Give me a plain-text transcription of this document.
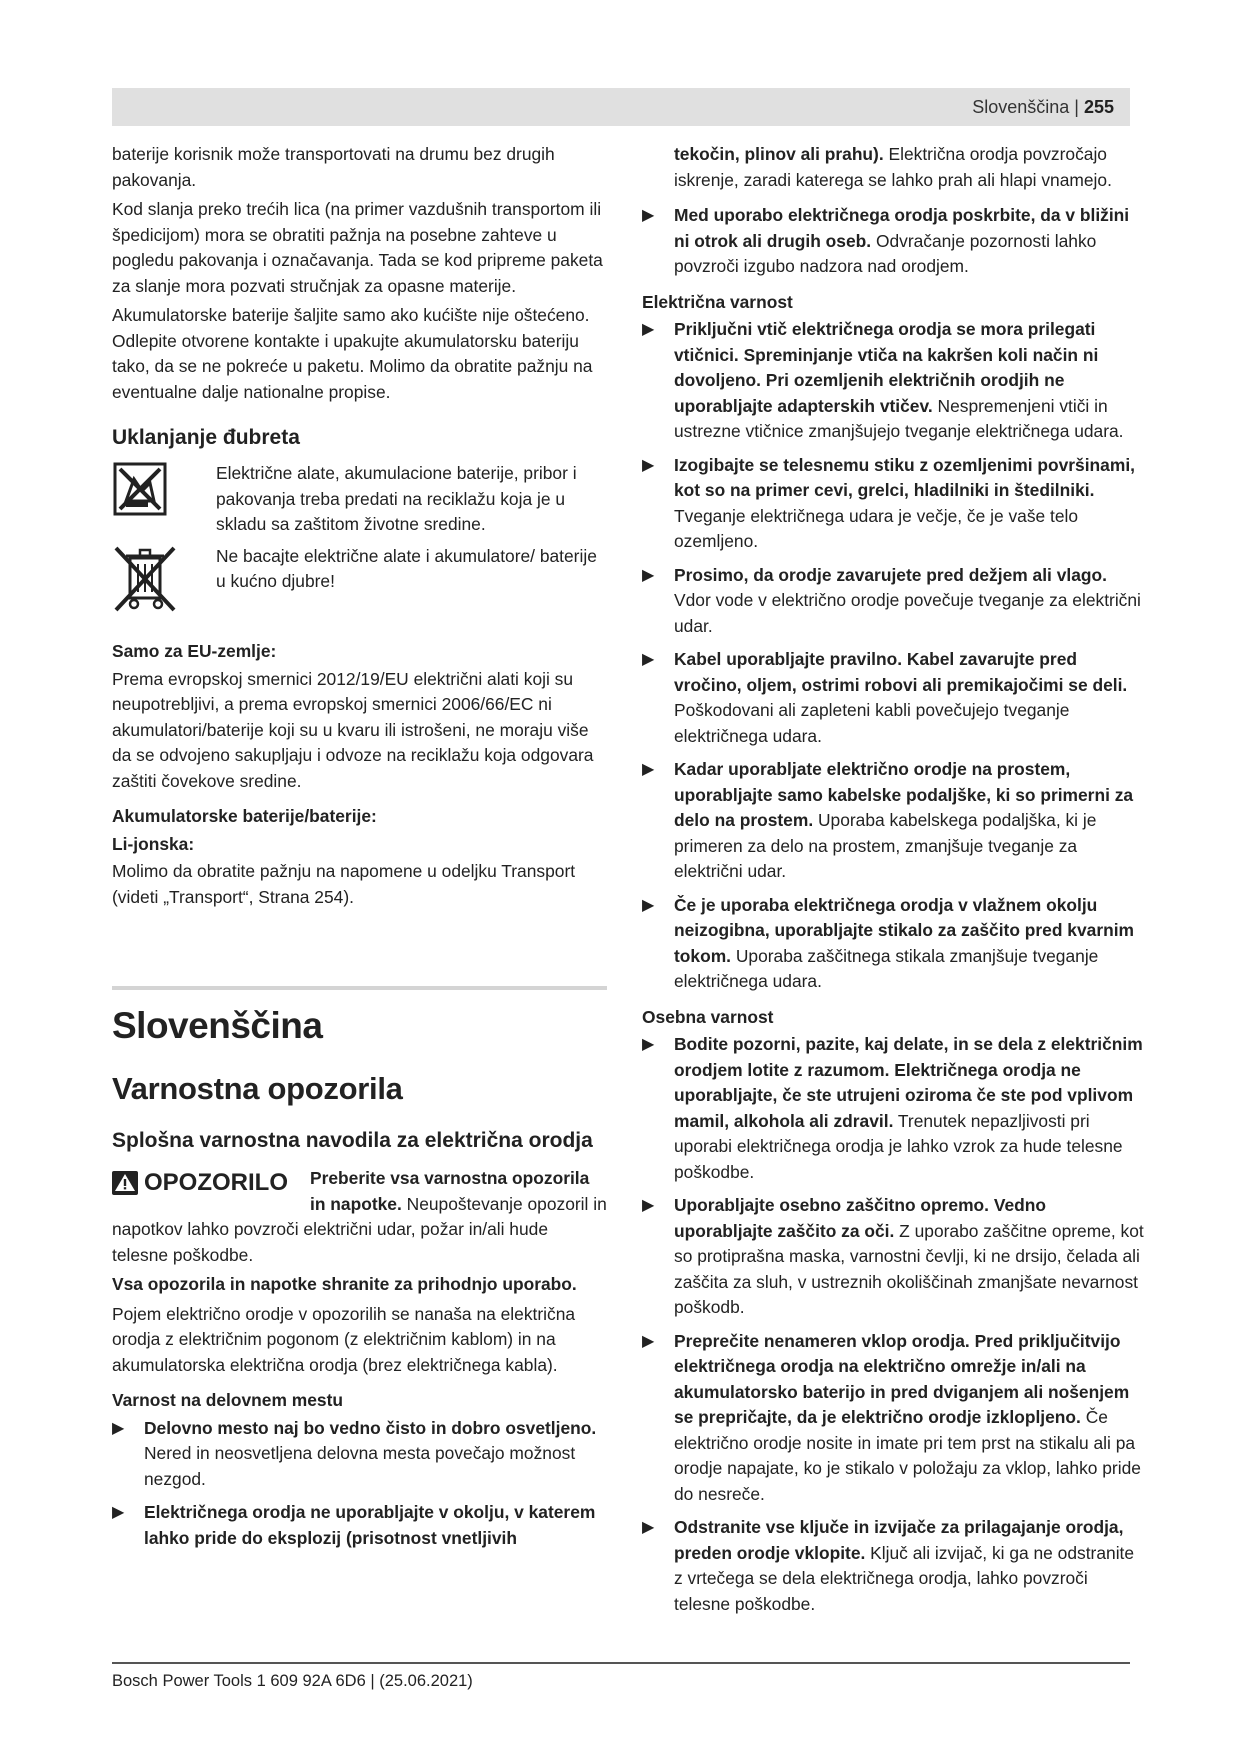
Slovenščina | 255

baterije korisnik može transportovati na drumu bez drugih pakovanja.

Kod slanja preko trećih lica (na primer vazdušnih transportom ili špedicijom) mora se obratiti pažnja na posebne zahteve u pogledu pakovanja i označavanja. Tada se kod pripreme paketa za slanje mora pozvati stručnjak za opasne materije.

Akumulatorske baterije šaljite samo ako kućište nije oštećeno. Odlepite otvorene kontakte i upakujte akumulatorsku bateriju tako, da se ne pokreće u paketu. Molimo da obratite pažnju na eventualne dalje nationalne propise.

Uklanjanje đubreta
Električne alate, akumulacione baterije, pribor i pakovanja treba predati na reciklažu koja je u skladu sa zaštitom životne sredine.
Ne bacajte električne alate i akumulatore/ baterije u kućno djubre!
Samo za EU-zemlje:

Prema evropskoj smernici 2012/19/EU električni alati koji su neupotrebljivi, a prema evropskoj smernici 2006/66/EC ni akumulatori/baterije koji su u kvaru ili istrošeni, ne moraju više da se odvojeno sakupljaju i odvoze na reciklažu koja odgovara zaštiti čovekove sredine.

Akumulatorske baterije/baterije:
Li-jonska:

Molimo da obratite pažnju na napomene u odeljku Transport (videti „Transport“, Strana 254).

Slovenščina
Varnostna opozorila
Splošna varnostna navodila za električna orodja
OPOZORILO	Preberite vsa varnostna opozorila in napotke. Neupoštevanje opozoril in napotkov lahko povzroči električni udar, požar in/ali hude telesne poškodbe.

Vsa opozorila in napotke shranite za prihodnjo uporabo.

Pojem električno orodje v opozorilih se nanaša na električna orodja z električnim pogonom (z električnim kablom) in na akumulatorska električna orodja (brez električnega kabla).

Varnost na delovnem mestu
▶ Delovno mesto naj bo vedno čisto in dobro osvetljeno. Nered in neosvetljena delovna mesta povečajo možnost nezgod.
▶ Električnega orodja ne uporabljajte v okolju, v katerem lahko pride do eksplozij (prisotnost vnetljivih
tekočin, plinov ali prahu). Električna orodja povzročajo iskrenje, zaradi katerega se lahko prah ali hlapi vnamejo.
▶ Med uporabo električnega orodja poskrbite, da v bližini ni otrok ali drugih oseb. Odvračanje pozornosti lahko povzroči izgubo nadzora nad orodjem.
Električna varnost
▶ Priključni vtič električnega orodja se mora prilegati vtičnici. Spreminjanje vtiča na kakršen koli način ni dovoljeno. Pri ozemljenih električnih orodjih ne uporabljajte adapterskih vtičev. Nespremenjeni vtiči in ustrezne vtičnice zmanjšujejo tveganje električnega udara.
▶ Izogibajte se telesnemu stiku z ozemljenimi površinami, kot so na primer cevi, grelci, hladilniki in štedilniki. Tveganje električnega udara je večje, če je vaše telo ozemljeno.
▶ Prosimo, da orodje zavarujete pred dežjem ali vlago. Vdor vode v električno orodje povečuje tveganje za električni udar.
▶ Kabel uporabljajte pravilno. Kabel zavarujte pred vročino, oljem, ostrimi robovi ali premikajočimi se deli. Poškodovani ali zapleteni kabli povečujejo tveganje električnega udara.
▶ Kadar uporabljate električno orodje na prostem, uporabljajte samo kabelske podaljške, ki so primerni za delo na prostem. Uporaba kabelskega podaljška, ki je primeren za delo na prostem, zmanjšuje tveganje za električni udar.
▶ Če je uporaba električnega orodja v vlažnem okolju neizogibna, uporabljajte stikalo za zaščito pred kvarnim tokom. Uporaba zaščitnega stikala zmanjšuje tveganje električnega udara.
Osebna varnost
▶ Bodite pozorni, pazite, kaj delate, in se dela z električnim orodjem lotite z razumom. Električnega orodja ne uporabljajte, če ste utrujeni oziroma če ste pod vplivom mamil, alkohola ali zdravil. Trenutek nepazljivosti pri uporabi električnega orodja je lahko vzrok za hude telesne poškodbe.
▶ Uporabljajte osebno zaščitno opremo. Vedno uporabljajte zaščito za oči. Z uporabo zaščitne opreme, kot so protiprašna maska, varnostni čevlji, ki ne drsijo, čelada ali zaščita za sluh, v ustreznih okoliščinah zmanjšate nevarnost poškodb.
▶ Preprečite nenameren vklop orodja. Pred priključitvijo električnega orodja na električno omrežje in/ali na akumulatorsko baterijo in pred dviganjem ali nošenjem se prepričajte, da je električno orodje izklopljeno. Če električno orodje nosite in imate pri tem prst na stikalu ali pa orodje napajate, ko je stikalo v položaju za vklop, lahko pride do nesreče.
▶ Odstranite vse ključe in izvijače za prilagajanje orodja, preden orodje vklopite. Ključ ali izvijač, ki ga ne odstranite z vrtečega se dela električnega orodja, lahko povzroči telesne poškodbe.
Bosch Power Tools 1 609 92A 6D6 | (25.06.2021)
